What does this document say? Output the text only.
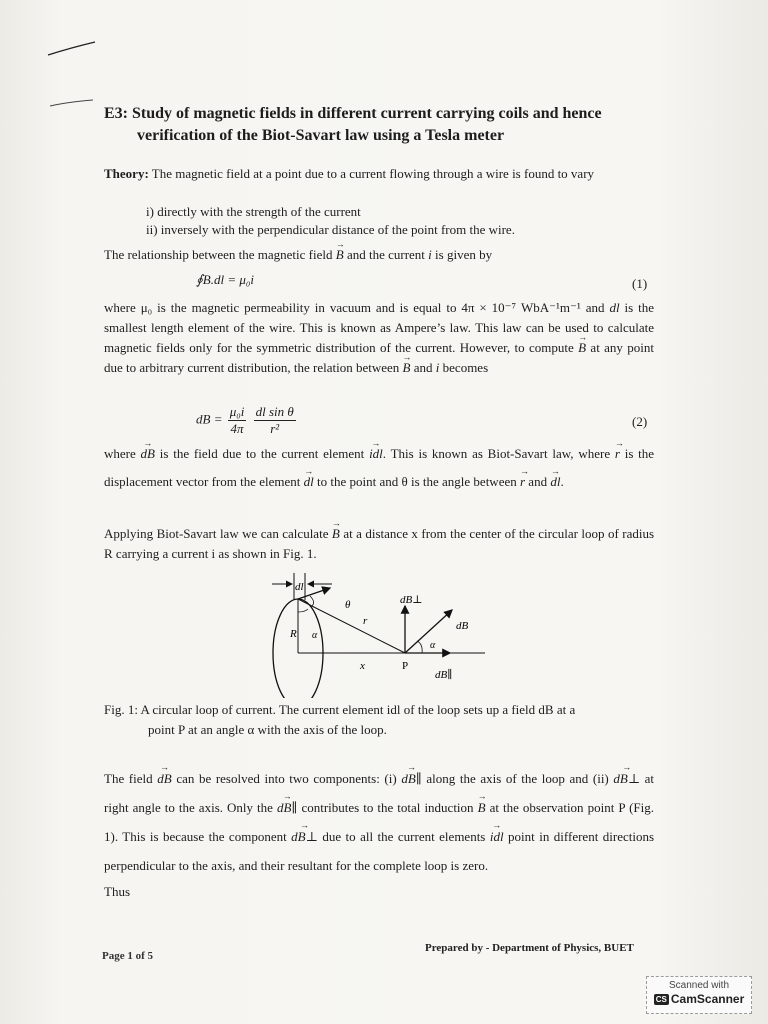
E3: Study of magnetic fields in different current carrying coils and hence
verification of the Biot-Savart law using a Tesla meter
Theory: The magnetic field at a point due to a current flowing through a wire is found to vary
i) directly with the strength of the current
ii) inversely with the perpendicular distance of the point from the wire.
The relationship between the magnetic field → B and the current i is given by
∮B.dl = μ₀i	(1)
where μ₀ is the magnetic permeability in vacuum and is equal to 4π × 10⁻⁷ WbA⁻¹m⁻¹ and dl is the smallest length element of the wire. This is known as Ampere’s law. This law can be used to calculate magnetic fields only for the symmetric distribution of the current. However, to compute → B at any point due to arbitrary current distribution, the relation between → B and i becomes
dB = $\frac{\text{μ₀i}}{4\pi}$
$\frac{\text{dl sin θ}}{\text{r²}}$	(2)
where → dB is the field due to the current element → idl. This is known as Biot-Savart law, where → r is the displacement vector from the element → dl to the point and θ is the angle between → r and → dl.
Applying Biot-Savart law we can calculate → B at a distance x from the center of the circular loop of radius R carrying a current i as shown in Fig. 1.
dl
θ
r
R α
dB⊥
dB
α
x	P
dB∥
Fig. 1: A circular loop of current. The current element idl of the loop sets up a field dB at a
point P at an angle α with the axis of the loop.
The field → dB can be resolved into two components: (i) → dB∥ along the axis of the loop and (ii) → dB⊥ at right angle to the axis. Only the → dB∥ contributes to the total induction → B at the observation point P (Fig. 1). This is because the component → dB⊥ due to all the current elements → idl point in different directions perpendicular to the axis, and their resultant for the complete loop is zero.
Thus
Page 1 of 5
Prepared by - Department of Physics, BUET
Scanned with
CS CamScanner
